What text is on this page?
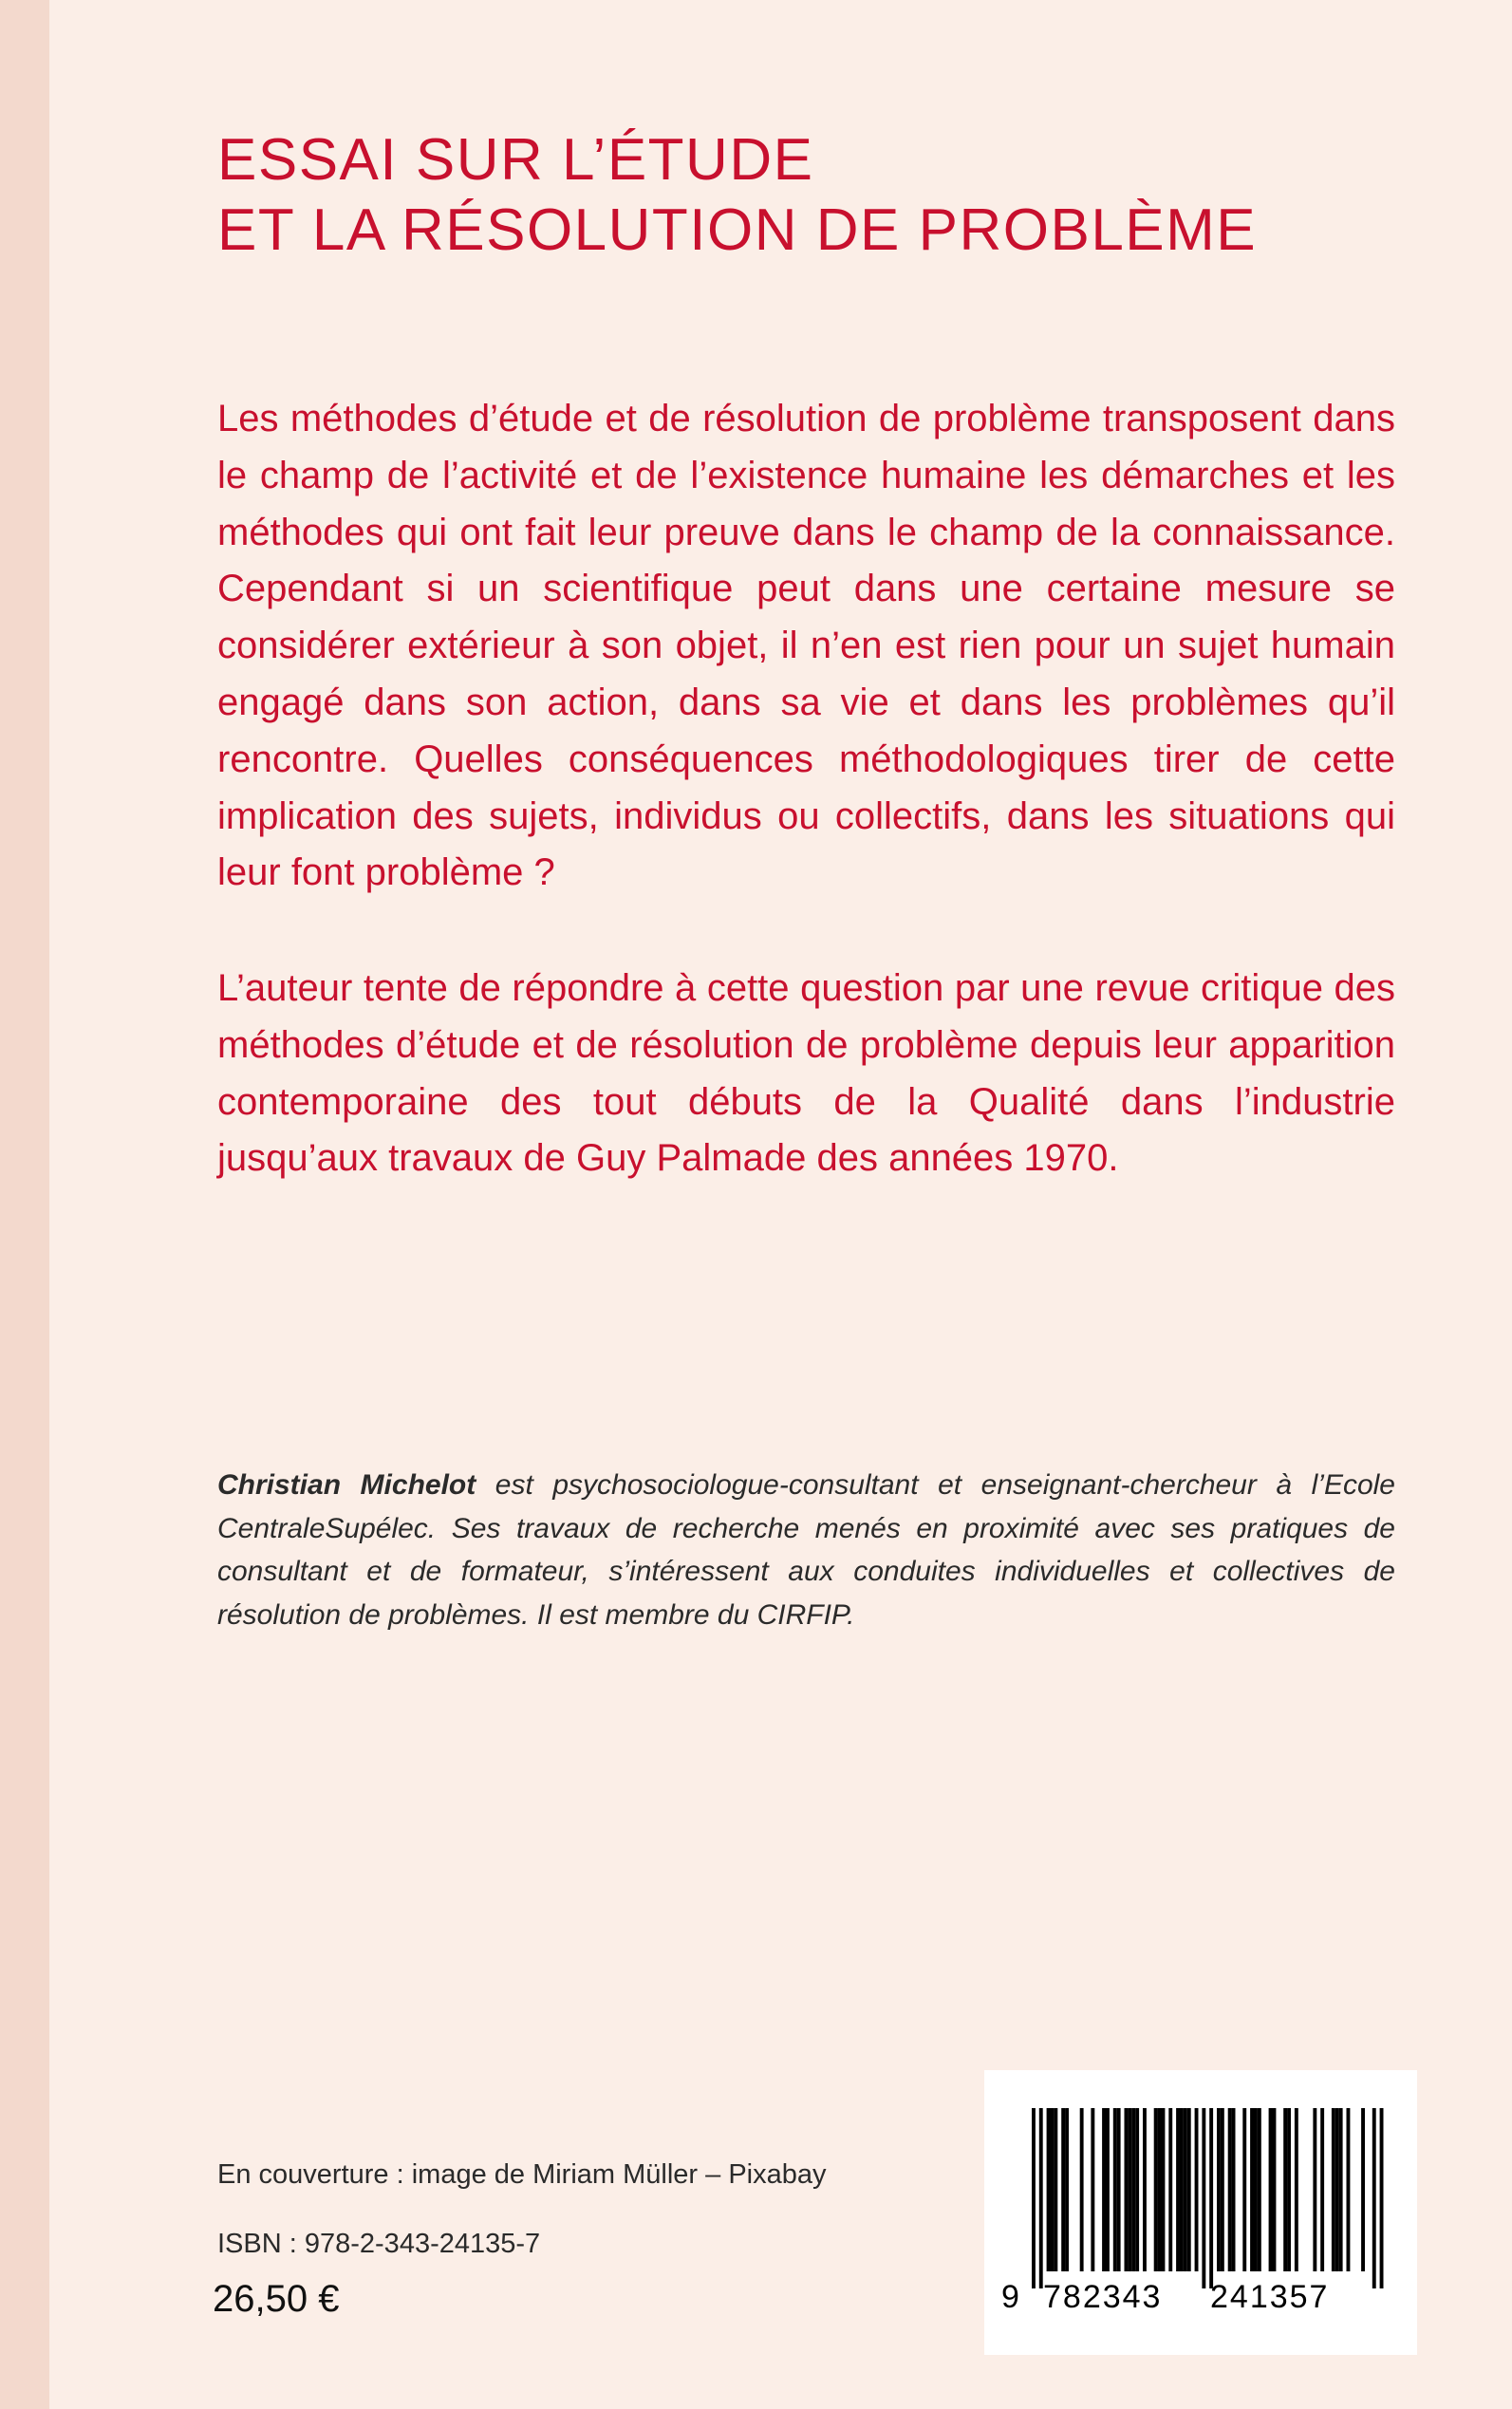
ESSAI SUR L’ÉTUDE
ET LA RÉSOLUTION DE PROBLÈME

Les méthodes d’étude et de résolution de problème transposent dans le champ de l’activité et de l’existence humaine les démarches et les méthodes qui ont fait leur preuve dans le champ de la connaissance. Cependant si un scientifique peut dans une certaine mesure se considérer extérieur à son objet, il n’en est rien pour un sujet humain engagé dans son action, dans sa vie et dans les problèmes qu’il rencontre. Quelles conséquences méthodologiques tirer de cette implication des sujets, individus ou collectifs, dans les situations qui leur font problème ?

L’auteur tente de répondre à cette question par une revue critique des méthodes d’étude et de résolution de problème depuis leur apparition contemporaine des tout débuts de la Qualité dans l’industrie jusqu’aux travaux de Guy Palmade des années 1970.

Christian Michelot est psychosociologue-consultant et enseignant-chercheur à l’Ecole CentraleSupélec. Ses travaux de recherche menés en proximité avec ses pratiques de consultant et de formateur, s’intéressent aux conduites individuelles et collectives de résolution de problèmes. Il est membre du CIRFIP.

En couverture : image de Miriam Müller – Pixabay
ISBN : 978-2-343-24135-7
26,50 €	9 782343 241357
